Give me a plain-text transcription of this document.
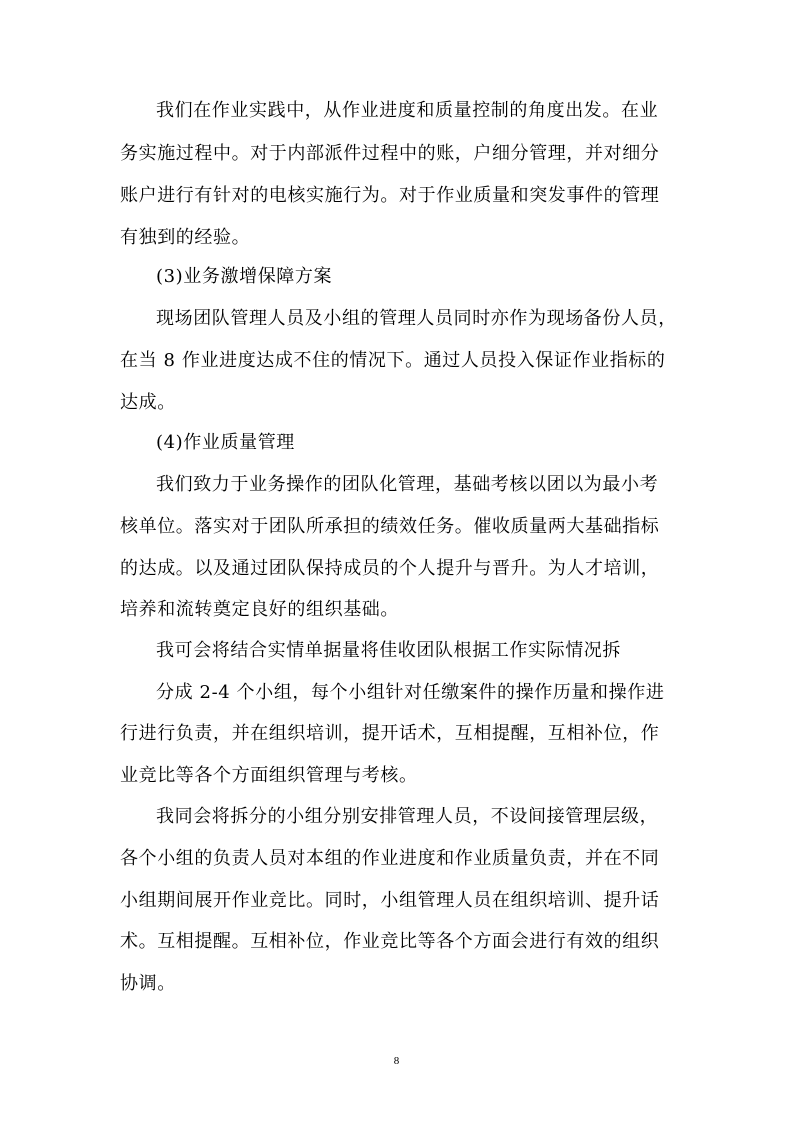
我们在作业实践中，从作业进度和质量控制的角度出发。在业
务实施过程中。对于内部派件过程中的账，户细分管理，并对细分
账户进行有针对的电核实施行为。对于作业质量和突发事件的管理
有独到的经验。
(3)业务激增保障方案
现场团队管理人员及小组的管理人员同时亦作为现场备份人员，
在当 8 作业进度达成不住的情况下。通过人员投入保证作业指标的
达成。
(4)作业质量管理
我们致力于业务操作的团队化管理，基础考核以团以为最小考
核单位。落实对于团队所承担的绩效任务。催收质量两大基础指标
的达成。以及通过团队保持成员的个人提升与晋升。为人才培训，
培养和流转奠定良好的组织基础。
我可会将结合实情单据量将佳收团队根据工作实际情况拆
分成 2-4 个小组，每个小组针对任缴案件的操作历量和操作进
行进行负责，并在组织培训，提开话术，互相提醒，互相补位，作
业竞比等各个方面组织管理与考核。
我同会将拆分的小组分别安排管理人员，不设间接管理层级，
各个小组的负责人员对本组的作业进度和作业质量负责，并在不同
小组期间展开作业竞比。同时，小组管理人员在组织培训、提升话
术。互相提醒。互相补位，作业竞比等各个方面会进行有效的组织
协调。
8
